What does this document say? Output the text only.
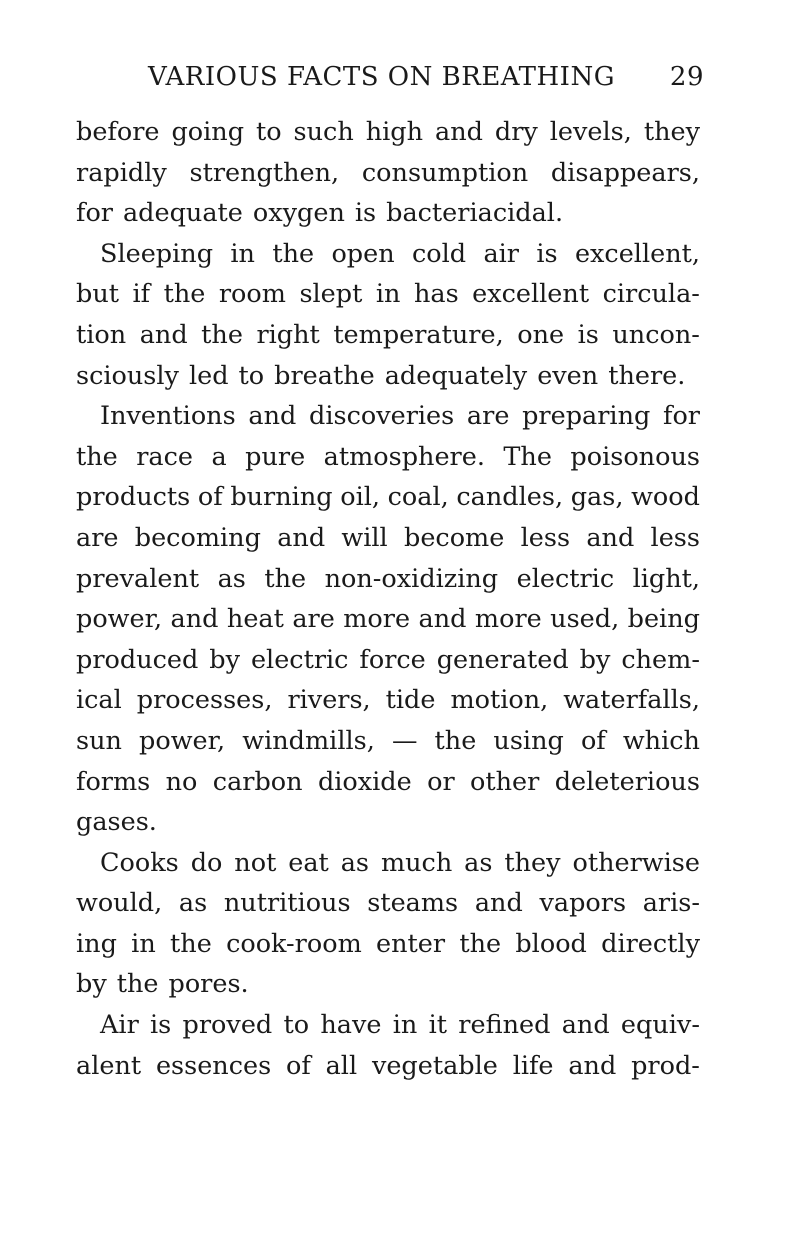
VARIOUS FACTS ON BREATHING 29
before going to such high and dry levels, they
rapidly strengthen, consumption disappears,
for adequate oxygen is bacteriacidal.
Sleeping in the open cold air is excellent,
but if the room slept in has excellent circula-
tion and the right temperature, one is uncon-
sciously led to breathe adequately even there.
Inventions and discoveries are preparing for
the race a pure atmosphere. The poisonous
products of burning oil, coal, candles, gas, wood
are becoming and will become less and less
prevalent as the non-oxidizing electric light,
power, and heat are more and more used, being
produced by electric force generated by chem-
ical processes, rivers, tide motion, waterfalls,
sun power, windmills, — the using of which
forms no carbon dioxide or other deleterious
gases.
Cooks do not eat as much as they otherwise
would, as nutritious steams and vapors aris-
ing in the cook-room enter the blood directly
by the pores.
Air is proved to have in it refined and equiv-
alent essences of all vegetable life and prod-
